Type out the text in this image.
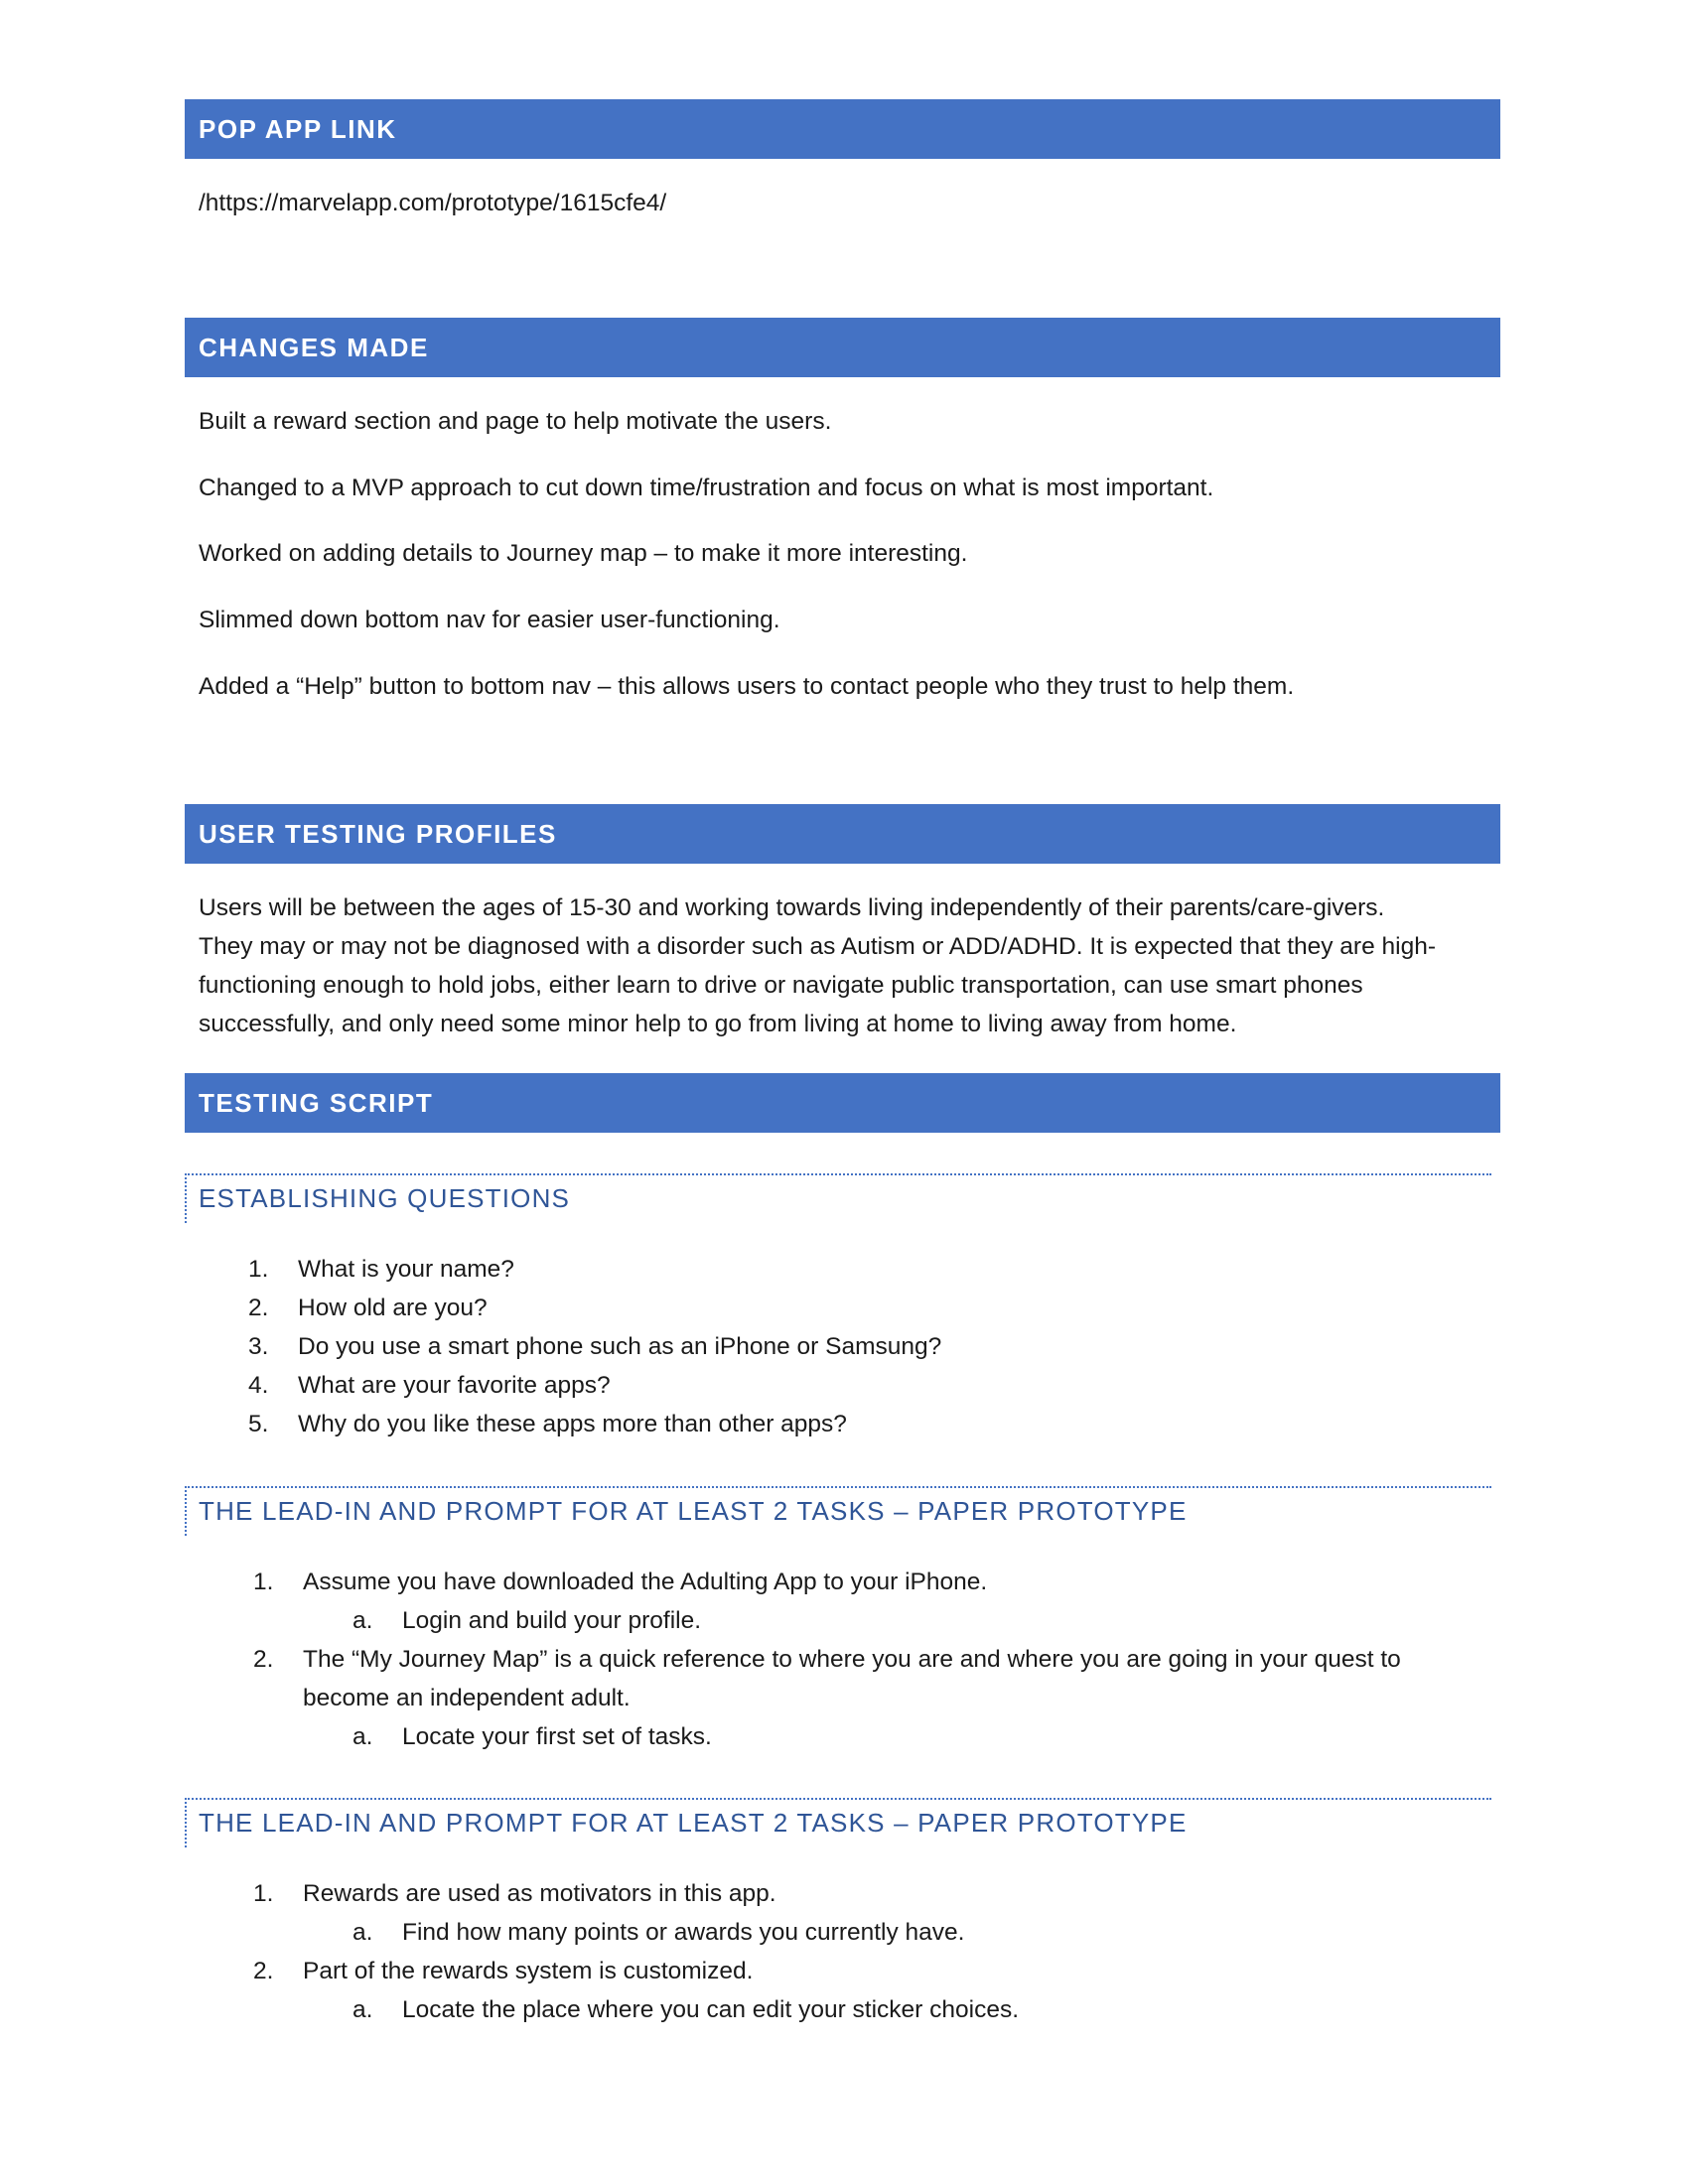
POP APP LINK
/https://marvelapp.com/prototype/1615cfe4/
CHANGES MADE
Built a reward section and page to help motivate the users.
Changed to a MVP approach to cut down time/frustration and focus on what is most important.
Worked on adding details to Journey map – to make it more interesting.
Slimmed down bottom nav for easier user-functioning.
Added a “Help” button to bottom nav – this allows users to contact people who they trust to help them.
USER TESTING PROFILES
Users will be between the ages of 15-30 and working towards living independently of their parents/care-givers.
They may or may not be diagnosed with a disorder such as Autism or ADD/ADHD. It is expected that they are high-
functioning enough to hold jobs, either learn to drive or navigate public transportation, can use smart phones
successfully, and only need some minor help to go from living at home to living away from home.
TESTING SCRIPT
ESTABLISHING QUESTIONS
1.	What is your name?
2.	How old are you?
3.	Do you use a smart phone such as an iPhone or Samsung?
4.	What are your favorite apps?
5.	Why do you like these apps more than other apps?
THE LEAD-IN AND PROMPT FOR AT LEAST 2 TASKS – PAPER PROTOTYPE
1.	Assume you have downloaded the Adulting App to your iPhone.
a.	Login and build your profile.
2.	The “My Journey Map” is a quick reference to where you are and where you are going in your quest to
become an independent adult.
a.	Locate your first set of tasks.
THE LEAD-IN AND PROMPT FOR AT LEAST 2 TASKS – PAPER PROTOTYPE
1.	Rewards are used as motivators in this app.
a.	Find how many points or awards you currently have.
2.	Part of the rewards system is customized.
a.	Locate the place where you can edit your sticker choices.
